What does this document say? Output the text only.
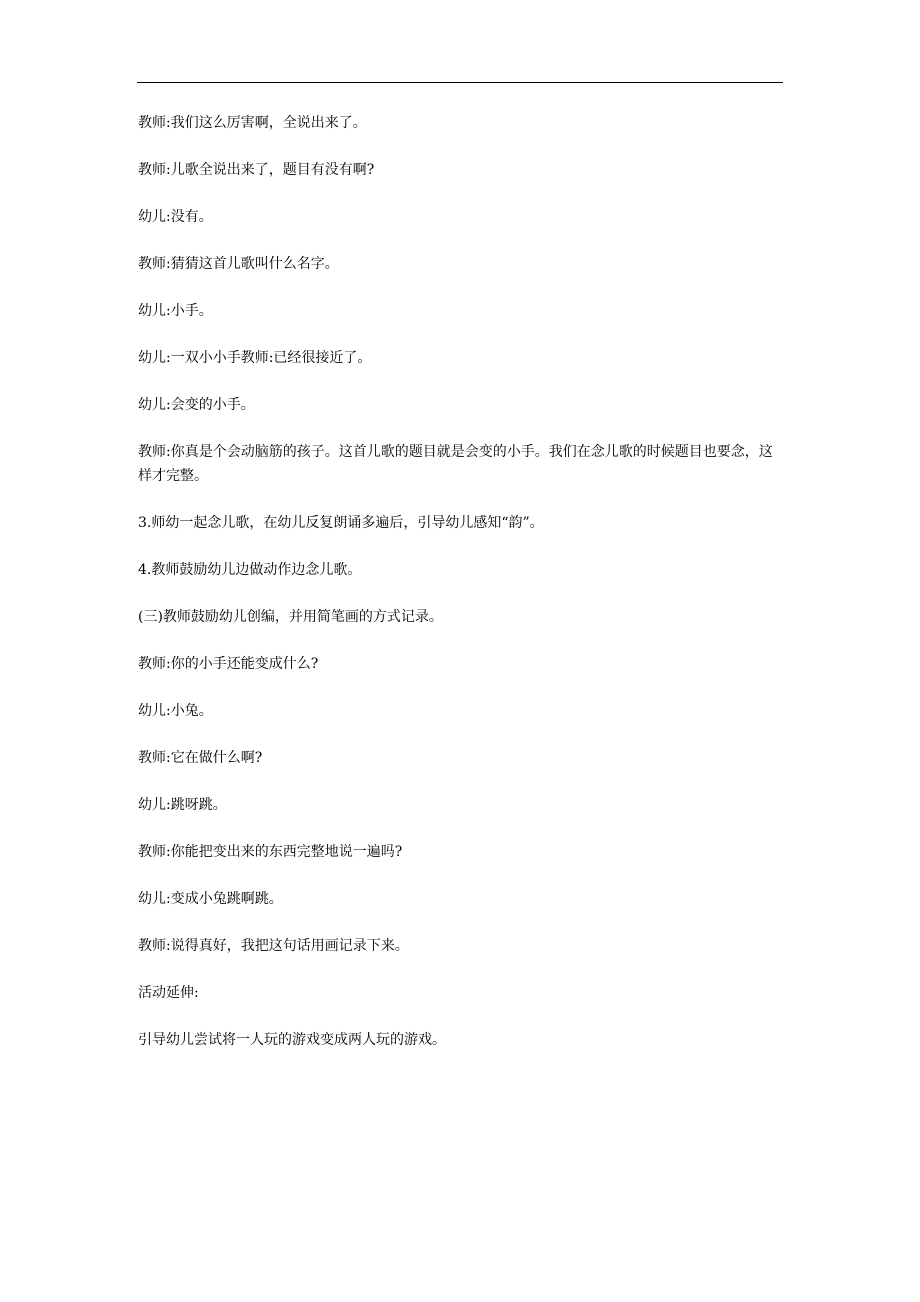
教师:我们这么厉害啊，全说出来了。

教师:儿歌全说出来了，题目有没有啊?

幼儿:没有。

教师:猜猜这首儿歌叫什么名字。

幼儿:小手。

幼儿:一双小小手教师:已经很接近了。

幼儿:会变的小手。

教师:你真是个会动脑筋的孩子。这首儿歌的题目就是会变的小手。我们在念儿歌的时候题目也要念，这样才完整。

3.师幼一起念儿歌，在幼儿反复朗诵多遍后，引导幼儿感知“韵”。

4.教师鼓励幼儿边做动作边念儿歌。

(三)教师鼓励幼儿创编，并用简笔画的方式记录。

教师:你的小手还能变成什么?

幼儿:小兔。

教师:它在做什么啊?

幼儿:跳呀跳。

教师:你能把变出来的东西完整地说一遍吗?

幼儿:变成小兔跳啊跳。

教师:说得真好，我把这句话用画记录下来。

活动延伸:

引导幼儿尝试将一人玩的游戏变成两人玩的游戏。
